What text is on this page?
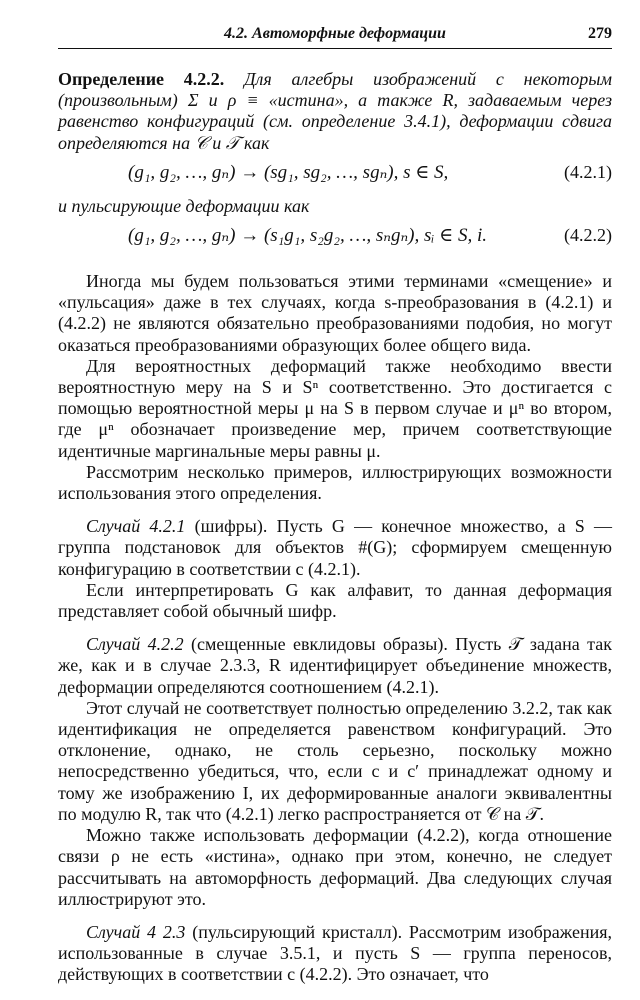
4.2. Автоморфные деформации	279

Определение 4.2.2. Для алгебры изображений с некоторым (произвольным) Σ и ρ ≡ «истина», а также R, задаваемым через равенство конфигураций (см. определение 3.4.1), деформации сдвига определяются на 𝒞 и 𝒯 как

(g₁, g₂, …, gₙ) → (sg₁, sg₂, …, sgₙ), s ∈ S,	(4.2.1)

и пульсирующие деформации как

(g₁, g₂, …, gₙ) → (s₁g₁, s₂g₂, …, sₙgₙ), sᵢ ∈ S, i.	(4.2.2)

Иногда мы будем пользоваться этими терминами «смещение» и «пульсация» даже в тех случаях, когда s-преобразования в (4.2.1) и (4.2.2) не являются обязательно преобразованиями подобия, но могут оказаться преобразованиями образующих более общего вида.

Для вероятностных деформаций также необходимо ввести вероятностную меру на S и Sⁿ соответственно. Это достигается с помощью вероятностной меры μ на S в первом случае и μⁿ во втором, где μⁿ обозначает произведение мер, причем соответствующие идентичные маргинальные меры равны μ.

Рассмотрим несколько примеров, иллюстрирующих возможности использования этого определения.

Случай 4.2.1 (шифры). Пусть G — конечное множество, а S — группа подстановок для объектов #(G); сформируем смещенную конфигурацию в соответствии с (4.2.1).

Если интерпретировать G как алфавит, то данная деформация представляет собой обычный шифр.

Случай 4.2.2 (смещенные евклидовы образы). Пусть 𝒯 задана так же, как и в случае 2.3.3, R идентифицирует объединение множеств, деформации определяются соотношением (4.2.1).

Этот случай не соответствует полностью определению 3.2.2, так как идентификация не определяется равенством конфигураций. Это отклонение, однако, не столь серьезно, поскольку можно непосредственно убедиться, что, если c и c′ принадлежат одному и тому же изображению I, их деформированные аналоги эквивалентны по модулю R, так что (4.2.1) легко распространяется от 𝒞 на 𝒯.

Можно также использовать деформации (4.2.2), когда отношение связи ρ не есть «истина», однако при этом, конечно, не следует рассчитывать на автоморфность деформаций. Два следующих случая иллюстрируют это.

Случай 4 2.3 (пульсирующий кристалл). Рассмотрим изображения, использованные в случае 3.5.1, и пусть S — группа переносов, действующих в соответствии с (4.2.2). Это означает, что
